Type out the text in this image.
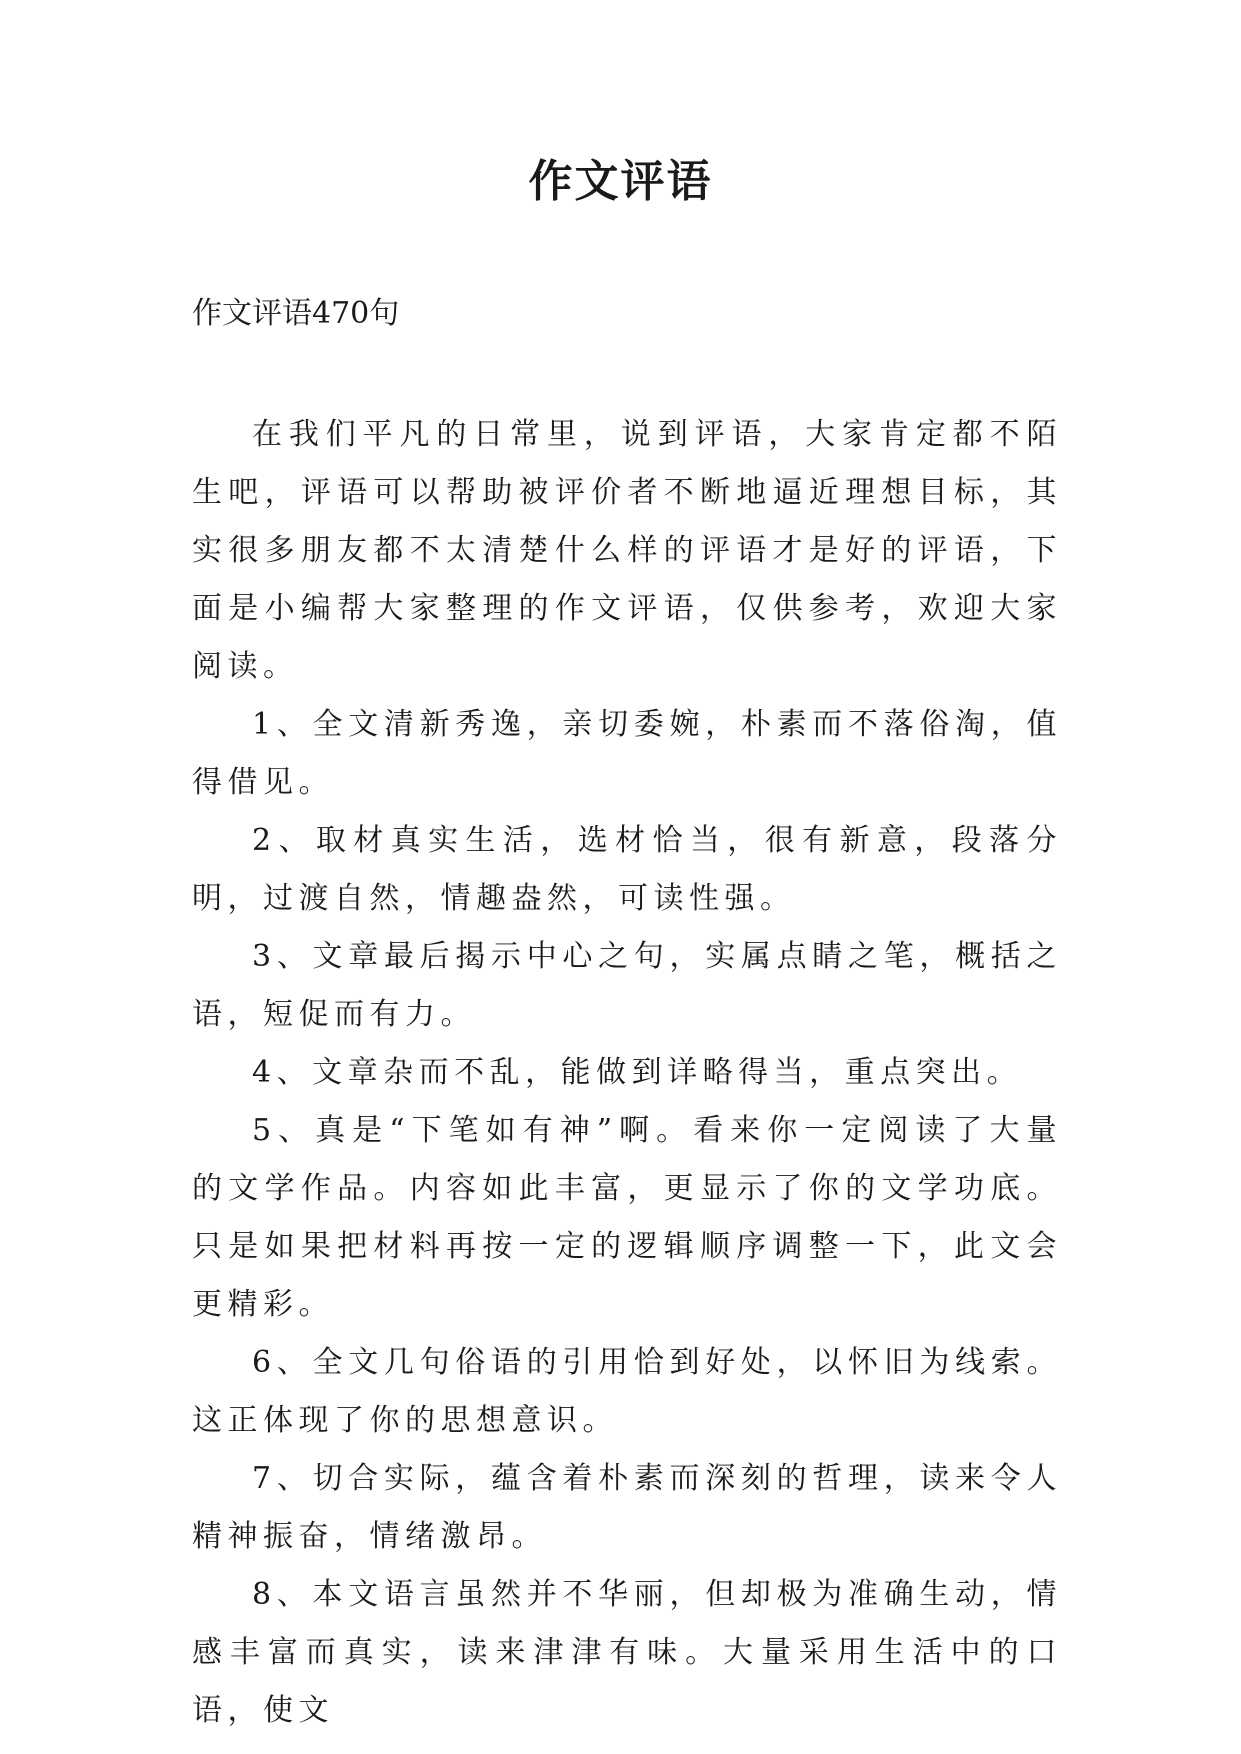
作文评语
作文评语470句

在我们平凡的日常里，说到评语，大家肯定都不陌生吧，评语可以帮助被评价者不断地逼近理想目标，其实很多朋友都不太清楚什么样的评语才是好的评语，下面是小编帮大家整理的作文评语，仅供参考，欢迎大家阅读。

1、全文清新秀逸，亲切委婉，朴素而不落俗淘，值得借见。

2、取材真实生活，选材恰当，很有新意，段落分明，过渡自然，情趣盎然，可读性强。

3、文章最后揭示中心之句，实属点睛之笔，概括之语，短促而有力。

4、文章杂而不乱，能做到详略得当，重点突出。

5、真是“下笔如有神”啊。看来你一定阅读了大量的文学作品。内容如此丰富，更显示了你的文学功底。只是如果把材料再按一定的逻辑顺序调整一下，此文会更精彩。

6、全文几句俗语的引用恰到好处，以怀旧为线索。这正体现了你的思想意识。

7、切合实际，蕴含着朴素而深刻的哲理，读来令人精神振奋，情绪激昂。

8、本文语言虽然并不华丽，但却极为准确生动，情感丰富而真实，读来津津有味。大量采用生活中的口语，使文
